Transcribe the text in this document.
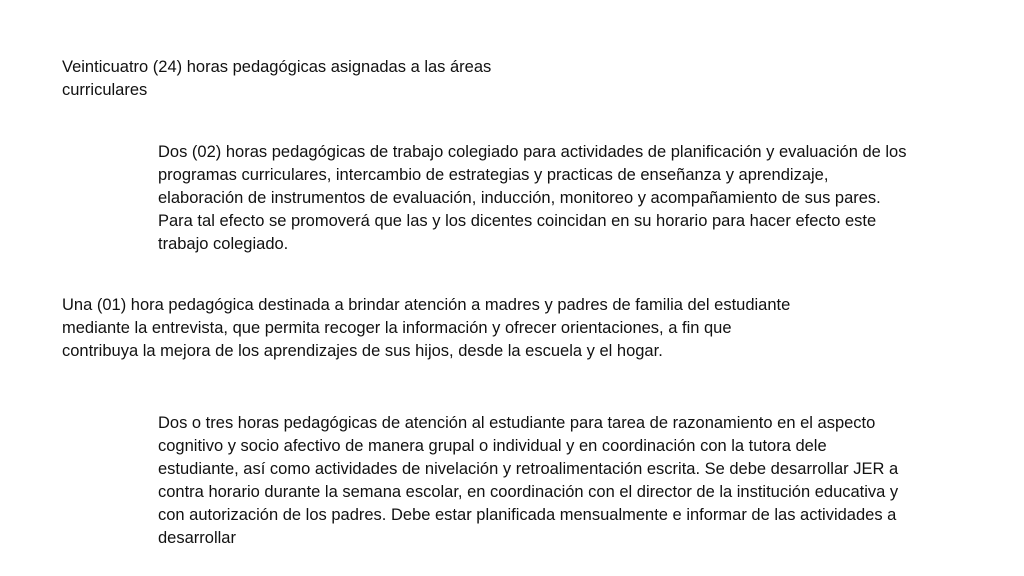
Veinticuatro (24) horas pedagógicas asignadas a las áreas
curriculares

Dos (02) horas pedagógicas de trabajo colegiado para actividades de planificación y evaluación de los
programas curriculares, intercambio de estrategias y practicas de enseñanza y aprendizaje,
elaboración de instrumentos de evaluación, inducción, monitoreo y acompañamiento de sus pares.
Para tal efecto se promoverá que las y los dicentes coincidan en su horario para hacer efecto este
trabajo colegiado.

Una (01) hora pedagógica destinada a brindar atención a madres y padres de familia del estudiante
mediante la entrevista, que permita recoger la información y ofrecer orientaciones, a fin que
contribuya la mejora de los aprendizajes de sus hijos, desde la escuela y el hogar.

Dos o tres horas pedagógicas de atención al estudiante para tarea de razonamiento en el aspecto
cognitivo y socio afectivo de manera grupal o individual y en coordinación con la tutora dele
estudiante, así como actividades de nivelación y retroalimentación escrita. Se debe desarrollar JER a
contra horario durante la semana escolar, en coordinación con el director de la institución educativa y
con autorización de los padres. Debe estar planificada mensualmente e informar de las actividades a
desarrollar
